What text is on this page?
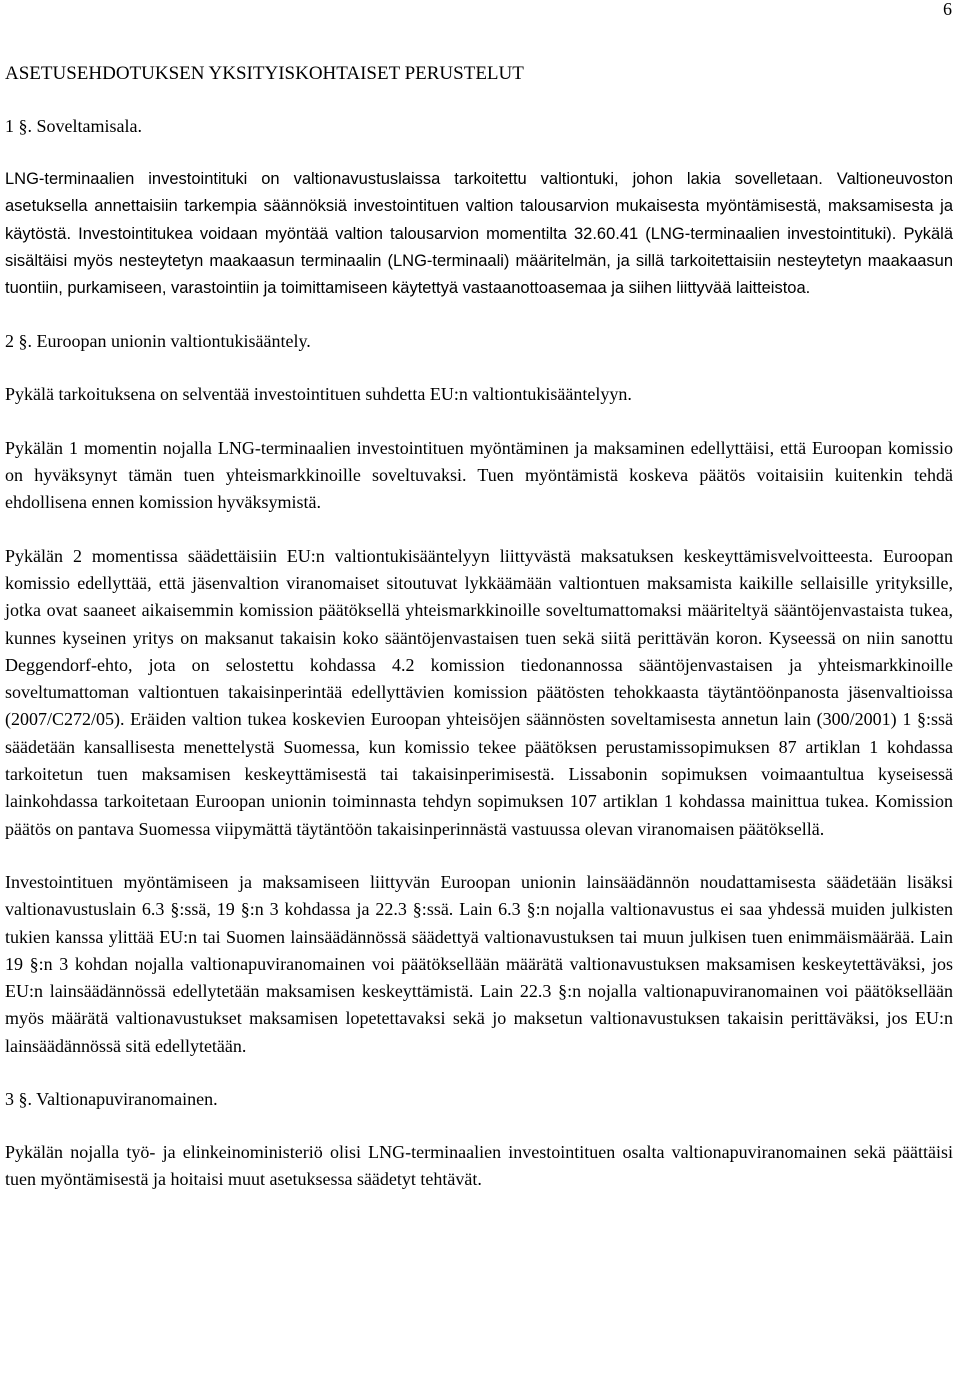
6
ASETUSEHDOTUKSEN YKSITYISKOHTAISET PERUSTELUT
1 §. Soveltamisala.
LNG-terminaalien investointituki on valtionavustuslaissa tarkoitettu valtiontuki, johon lakia sovelletaan. Valtioneuvoston asetuksella annettaisiin tarkempia säännöksiä investointituen valtion talousarvion mukaisesta myöntämisestä, maksamisesta ja käytöstä. Investointitukea voidaan myöntää valtion talousarvion momentilta 32.60.41 (LNG-terminaalien investointituki). Pykälä sisältäisi myös nesteytetyn maakaasun terminaalin (LNG-terminaali) määritelmän, ja sillä tarkoitettaisiin nesteytetyn maakaasun tuontiin, purkamiseen, varastointiin ja toimittamiseen käytettyä vastaanottoasemaa ja siihen liittyvää laitteistoa.
2 §. Euroopan unionin valtiontukisääntely.
Pykälä tarkoituksena on selventää investointituen suhdetta EU:n valtiontukisääntelyyn.
Pykälän 1 momentin nojalla LNG-terminaalien investointituen myöntäminen ja maksaminen edellyttäisi, että Euroopan komissio on hyväksynyt tämän tuen yhteismarkkinoille soveltuvaksi. Tuen myöntämistä koskeva päätös voitaisiin kuitenkin tehdä ehdollisena ennen komission hyväksymistä.
Pykälän 2 momentissa säädettäisiin EU:n valtiontukisääntelyyn liittyvästä maksatuksen keskeyttämisvelvoitteesta. Euroopan komissio edellyttää, että jäsenvaltion viranomaiset sitoutuvat lykkäämään valtiontuen maksamista kaikille sellaisille yrityksille, jotka ovat saaneet aikaisemmin komission päätöksellä yhteismarkkinoille soveltumattomaksi määriteltyä sääntöjenvastaista tukea, kunnes kyseinen yritys on maksanut takaisin koko sääntöjenvastaisen tuen sekä siitä perittävän koron. Kyseessä on niin sanottu Deggendorf-ehto, jota on selostettu kohdassa 4.2 komission tiedonannossa sääntöjenvastaisen ja yhteismarkkinoille soveltumattoman valtiontuen takaisinperintää edellyttävien komission päätösten tehokkaasta täytäntöönpanosta jäsenvaltioissa (2007/C272/05). Eräiden valtion tukea koskevien Euroopan yhteisöjen säännösten soveltamisesta annetun lain (300/2001) 1 §:ssä säädetään kansallisesta menettelystä Suomessa, kun komissio tekee päätöksen perustamissopimuksen 87 artiklan 1 kohdassa tarkoitetun tuen maksamisen keskeyttämisestä tai takaisinperimisestä. Lissabonin sopimuksen voimaantultua kyseisessä lainkohdassa tarkoitetaan Euroopan unionin toiminnasta tehdyn sopimuksen 107 artiklan 1 kohdassa mainittua tukea. Komission päätös on pantava Suomessa viipymättä täytäntöön takaisinperinnästä vastuussa olevan viranomaisen päätöksellä.
Investointituen myöntämiseen ja maksamiseen liittyvän Euroopan unionin lainsäädännön noudattamisesta säädetään lisäksi valtionavustuslain 6.3 §:ssä, 19 §:n 3 kohdassa ja 22.3 §:ssä. Lain 6.3 §:n nojalla valtionavustus ei saa yhdessä muiden julkisten tukien kanssa ylittää EU:n tai Suomen lainsäädännössä säädettyä valtionavustuksen tai muun julkisen tuen enimmäismäärää. Lain 19 §:n 3 kohdan nojalla valtionapuviranomainen voi päätöksellään määrätä valtionavustuksen maksamisen keskeytettäväksi, jos EU:n lainsäädännössä edellytetään maksamisen keskeyttämistä. Lain 22.3 §:n nojalla valtionapuviranomainen voi päätöksellään myös määrätä valtionavustukset maksamisen lopetettavaksi sekä jo maksetun valtionavustuksen takaisin perittäväksi, jos EU:n lainsäädännössä sitä edellytetään.
3 §. Valtionapuviranomainen.
Pykälän nojalla työ- ja elinkeinoministeriö olisi LNG-terminaalien investointituen osalta valtionapuviranomainen sekä päättäisi tuen myöntämisestä ja hoitaisi muut asetuksessa säädetyt tehtävät.
